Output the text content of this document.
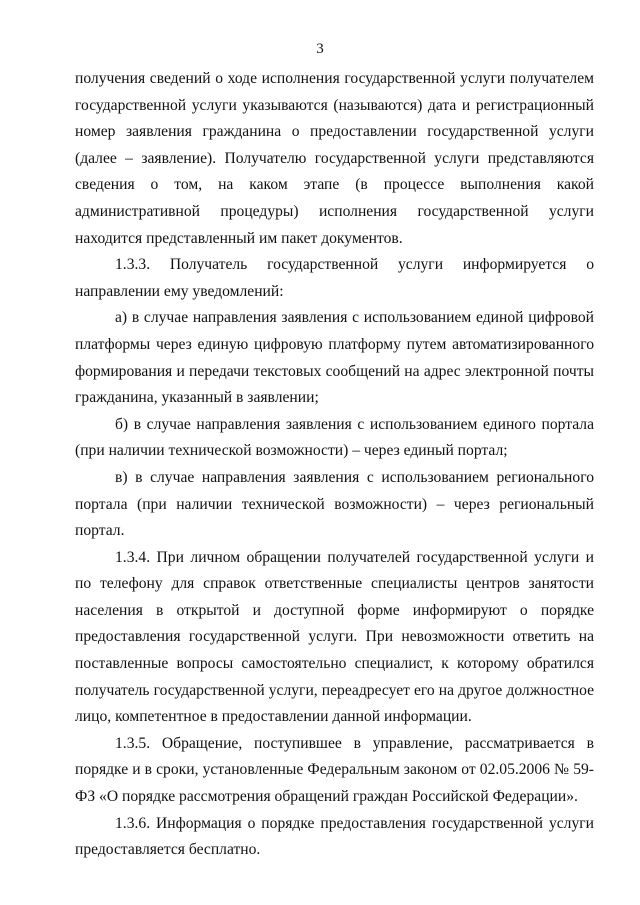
3

получения сведений о ходе исполнения государственной услуги получателем государственной услуги указываются (называются) дата и регистрационный номер заявления гражданина о предоставлении государственной услуги (далее – заявление). Получателю государственной услуги представляются сведения о том, на каком этапе (в процессе выполнения какой административной процедуры) исполнения государственной услуги находится представленный им пакет документов.

1.3.3. Получатель государственной услуги информируется о направлении ему уведомлений:

а) в случае направления заявления с использованием единой цифровой платформы через единую цифровую платформу путем автоматизированного формирования и передачи текстовых сообщений на адрес электронной почты гражданина, указанный в заявлении;

б) в случае направления заявления с использованием единого портала (при наличии технической возможности) – через единый портал;

в) в случае направления заявления с использованием регионального портала (при наличии технической возможности) – через региональный портал.

1.3.4. При личном обращении получателей государственной услуги и по телефону для справок ответственные специалисты центров занятости населения в открытой и доступной форме информируют о порядке предоставления государственной услуги. При невозможности ответить на поставленные вопросы самостоятельно специалист, к которому обратился получатель государственной услуги, переадресует его на другое должностное лицо, компетентное в предоставлении данной информации.

1.3.5. Обращение, поступившее в управление, рассматривается в порядке и в сроки, установленные Федеральным законом от 02.05.2006 № 59-ФЗ «О порядке рассмотрения обращений граждан Российской Федерации».

1.3.6. Информация о порядке предоставления государственной услуги предоставляется бесплатно.
